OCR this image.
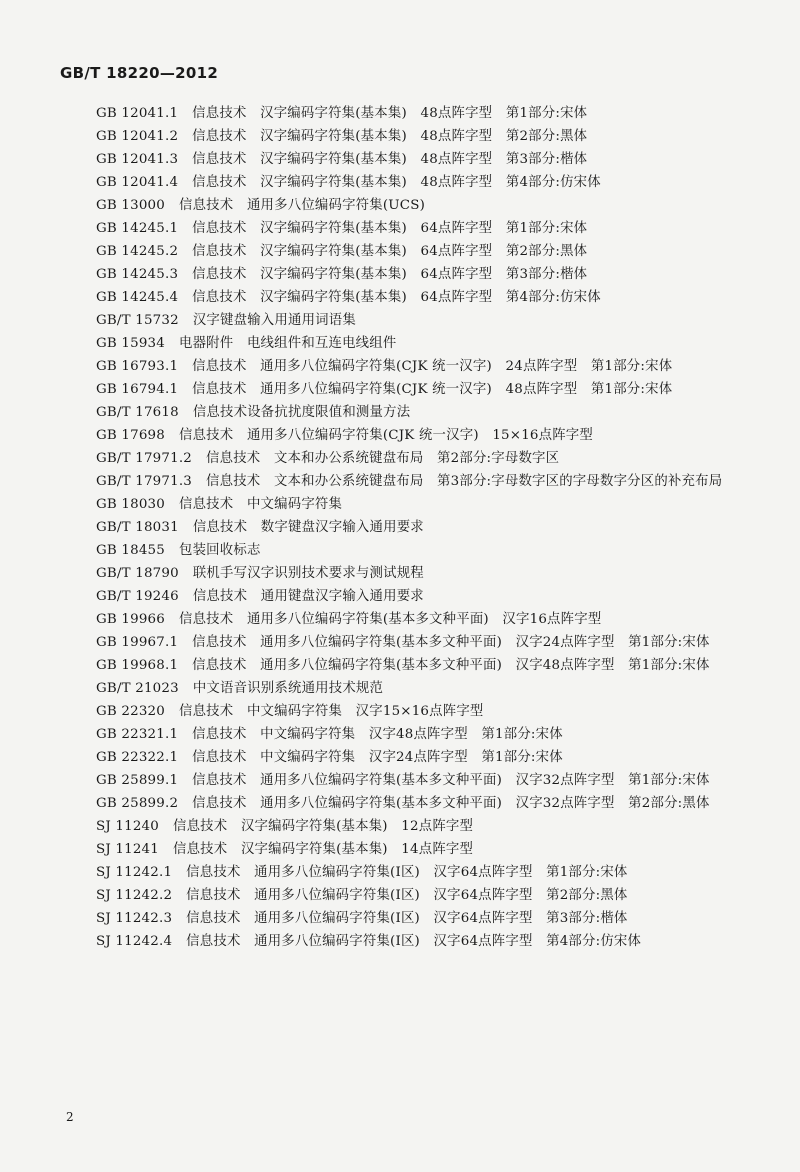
GB/T 18220—2012

GB 12041.1 信息技术　汉字编码字符集(基本集)　48点阵字型　第1部分:宋体

GB 12041.2 信息技术　汉字编码字符集(基本集)　48点阵字型　第2部分:黑体

GB 12041.3 信息技术　汉字编码字符集(基本集)　48点阵字型　第3部分:楷体

GB 12041.4 信息技术　汉字编码字符集(基本集)　48点阵字型　第4部分:仿宋体

GB 13000 信息技术　通用多八位编码字符集(UCS)

GB 14245.1 信息技术　汉字编码字符集(基本集)　64点阵字型　第1部分:宋体

GB 14245.2 信息技术　汉字编码字符集(基本集)　64点阵字型　第2部分:黑体

GB 14245.3 信息技术　汉字编码字符集(基本集)　64点阵字型　第3部分:楷体

GB 14245.4 信息技术　汉字编码字符集(基本集)　64点阵字型　第4部分:仿宋体

GB/T 15732 汉字键盘输入用通用词语集

GB 15934 电器附件　电线组件和互连电线组件

GB 16793.1 信息技术　通用多八位编码字符集(CJK 统一汉字)　24点阵字型　第1部分:宋体

GB 16794.1 信息技术　通用多八位编码字符集(CJK 统一汉字)　48点阵字型　第1部分:宋体

GB/T 17618 信息技术设备抗扰度限值和测量方法

GB 17698 信息技术　通用多八位编码字符集(CJK 统一汉字)　15×16点阵字型

GB/T 17971.2 信息技术　文本和办公系统键盘布局　第2部分:字母数字区

GB/T 17971.3 信息技术　文本和办公系统键盘布局　第3部分:字母数字区的字母数字分区的补充布局

GB 18030 信息技术　中文编码字符集

GB/T 18031 信息技术　数字键盘汉字输入通用要求

GB 18455 包装回收标志

GB/T 18790 联机手写汉字识别技术要求与测试规程

GB/T 19246 信息技术　通用键盘汉字输入通用要求

GB 19966 信息技术　通用多八位编码字符集(基本多文种平面)　汉字16点阵字型

GB 19967.1 信息技术　通用多八位编码字符集(基本多文种平面)　汉字24点阵字型　第1部分:宋体

GB 19968.1 信息技术　通用多八位编码字符集(基本多文种平面)　汉字48点阵字型　第1部分:宋体

GB/T 21023 中文语音识别系统通用技术规范

GB 22320 信息技术　中文编码字符集　汉字15×16点阵字型

GB 22321.1 信息技术　中文编码字符集　汉字48点阵字型　第1部分:宋体

GB 22322.1 信息技术　中文编码字符集　汉字24点阵字型　第1部分:宋体

GB 25899.1 信息技术　通用多八位编码字符集(基本多文种平面)　汉字32点阵字型　第1部分:宋体

GB 25899.2 信息技术　通用多八位编码字符集(基本多文种平面)　汉字32点阵字型　第2部分:黑体

SJ 11240 信息技术　汉字编码字符集(基本集)　12点阵字型

SJ 11241 信息技术　汉字编码字符集(基本集)　14点阵字型

SJ 11242.1 信息技术　通用多八位编码字符集(Ⅰ区)　汉字64点阵字型　第1部分:宋体

SJ 11242.2 信息技术　通用多八位编码字符集(Ⅰ区)　汉字64点阵字型　第2部分:黑体

SJ 11242.3 信息技术　通用多八位编码字符集(Ⅰ区)　汉字64点阵字型　第3部分:楷体

SJ 11242.4 信息技术　通用多八位编码字符集(Ⅰ区)　汉字64点阵字型　第4部分:仿宋体

2
